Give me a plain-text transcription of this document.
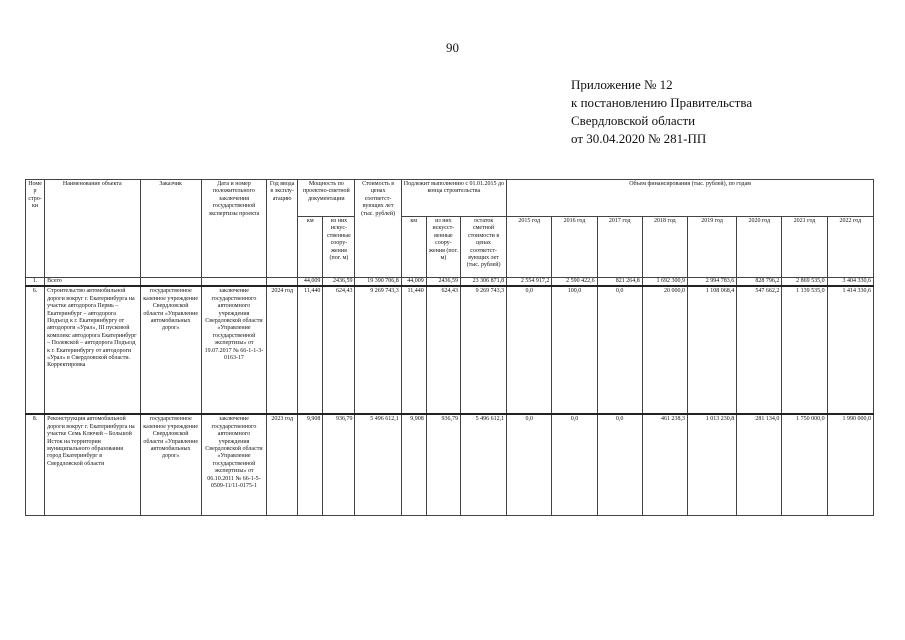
90
Приложение № 12
к постановлению Правительства
Свердловской области
от 30.04.2020 № 281-ПП
Номер строки	Наименование объекта	Заказчик	Дата и номер положительного заключения государственной экспертизы проекта	Год ввода в эксплуатацию	Мощность по проектно-сметной документации		Стоимость в ценах соответствующих лет (тыс. рублей)	Подлежит выполнению с 01.01.2015 до конца строительства			Объем финансирования (тыс. рублей), по годам							
					км	из них искусственные сооружения (пог. м)		км	из них искусственные сооружения (пог. м)	остаток сметной стоимости в ценах соответствующих лет (тыс. рублей)	2015 год	2016 год	2017 год	2018 год	2019 год	2020 год	2021 год	2022 год
1.	Всего				44,009	2436,59	19 390 706,8	44,009	2436,59	23 306 871,8	2 554 917,2	2 590 422,6	821 264,8	1 692 300,9	2 994 783,6	828 796,2	2 869 535,0	3 404 330,6
6.	Строительство автомобильной дороги вокруг г. Екатеринбурга на участке автодорога Пермь – Екатеринбург – автодорога Подъезд к г. Екатеринбургу от автодороги «Урал», III пусковой комплекс автодорога Екатеринбург – Полевской – автодорога Подъезд к г. Екатеринбургу от автодороги «Урал» в Свердловской области. Корректировка	государственное казенное учреждение Свердловской области «Управление автомобильных дорог»	заключение государственного автономного учреждения Свердловской области «Управление государственной экспертизы» от 19.07.2017 № 66-1-1-3-0163-17	2024 год	11,440	624,43	9 269 743,3	11,440	624,43	9 269 743,3	0,0	100,0	0,0	20 000,0	1 108 068,4	547 662,2	1 139 535,0	1 414 330,6
8.	Реконструкция автомобильной дороги вокруг г. Екатеринбурга на участке Семь Ключей – Большой Исток на территории муниципального образования город Екатеринбург в Свердловской области	государственное казенное учреждение Свердловской области «Управление автомобильных дорог»	заключение государственного автономного учреждения Свердловской области «Управление государственной экспертизы» от 06.10.2011 № 66-1-5-0509-11/11-0175-1	2023 год	9,908	936,79	5 496 612,1	9,908	936,79	5 496 612,1	0,0	0,0	0,0	461 238,3	1 013 230,8	281 134,0	1 750 000,0	1 990 000,0
